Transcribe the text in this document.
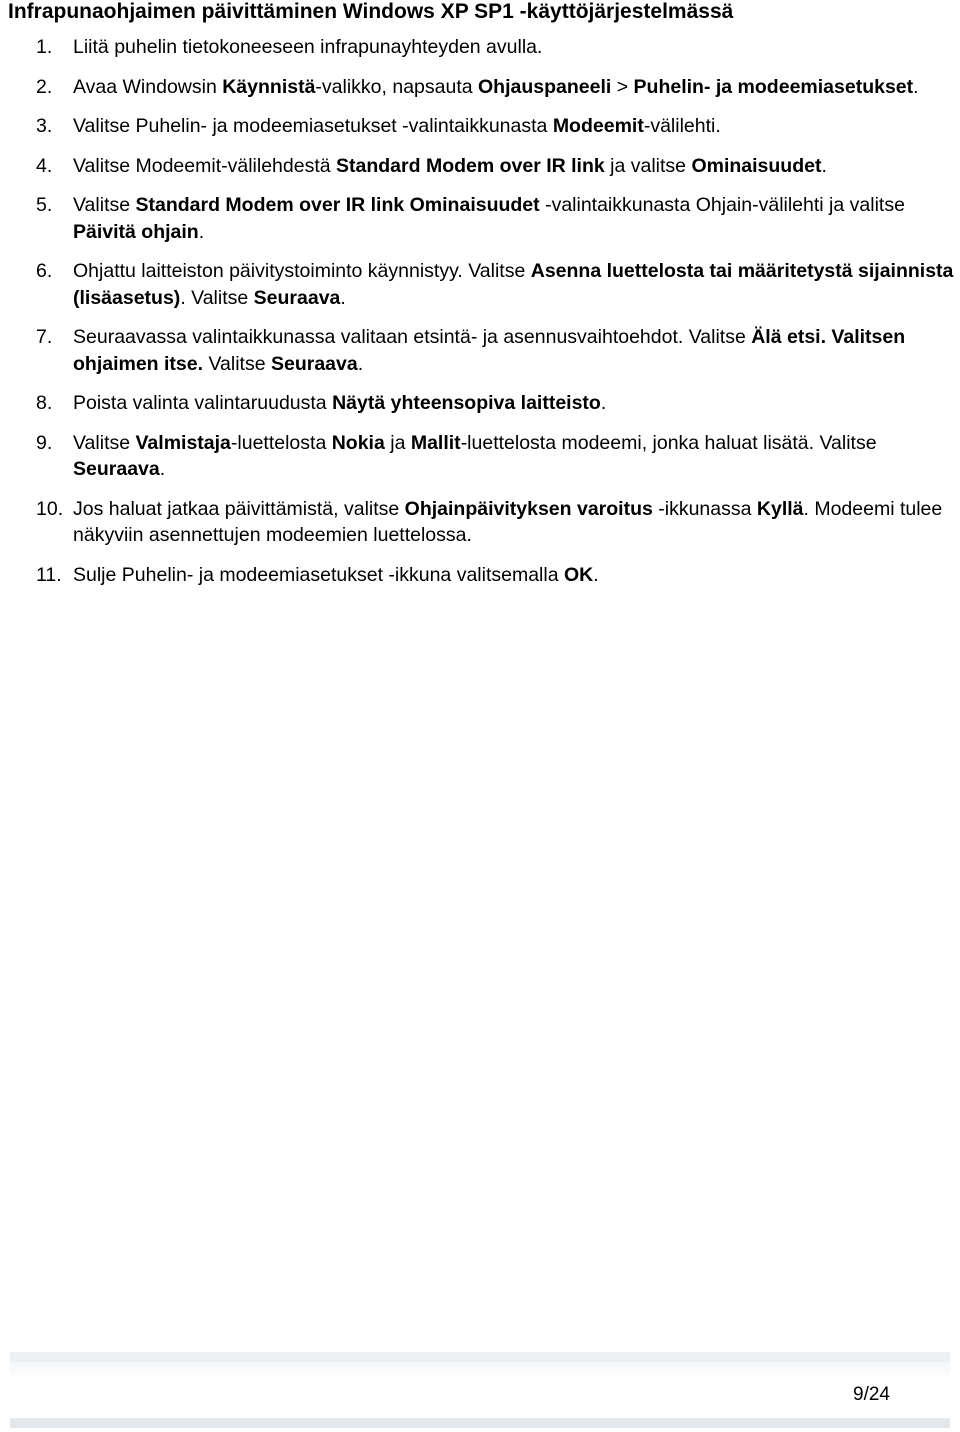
Infrapunaohjaimen päivittäminen Windows XP SP1 -käyttöjärjestelmässä
1. Liitä puhelin tietokoneeseen infrapunayhteyden avulla.
2. Avaa Windowsin Käynnistä-valikko, napsauta Ohjauspaneeli > Puhelin- ja modeemiasetukset.
3. Valitse Puhelin- ja modeemiasetukset -valintaikkunasta Modeemit-välilehti.
4. Valitse Modeemit-välilehdestä Standard Modem over IR link ja valitse Ominaisuudet.
5. Valitse Standard Modem over IR link Ominaisuudet -valintaikkunasta Ohjain-välilehti ja valitse Päivitä ohjain.
6. Ohjattu laitteiston päivitystoiminto käynnistyy. Valitse Asenna luettelosta tai määritetystä sijainnista (lisäasetus). Valitse Seuraava.
7. Seuraavassa valintaikkunassa valitaan etsintä- ja asennusvaihtoehdot. Valitse Älä etsi. Valitsen ohjaimen itse. Valitse Seuraava.
8. Poista valinta valintaruudusta Näytä yhteensopiva laitteisto.
9. Valitse Valmistaja-luettelosta Nokia ja Mallit-luettelosta modeemi, jonka haluat lisätä. Valitse Seuraava.
10. Jos haluat jatkaa päivittämistä, valitse Ohjainpäivityksen varoitus -ikkunassa Kyllä. Modeemi tulee näkyviin asennettujen modeemien luettelossa.
11. Sulje Puhelin- ja modeemiasetukset -ikkuna valitsemalla OK.
9/24
